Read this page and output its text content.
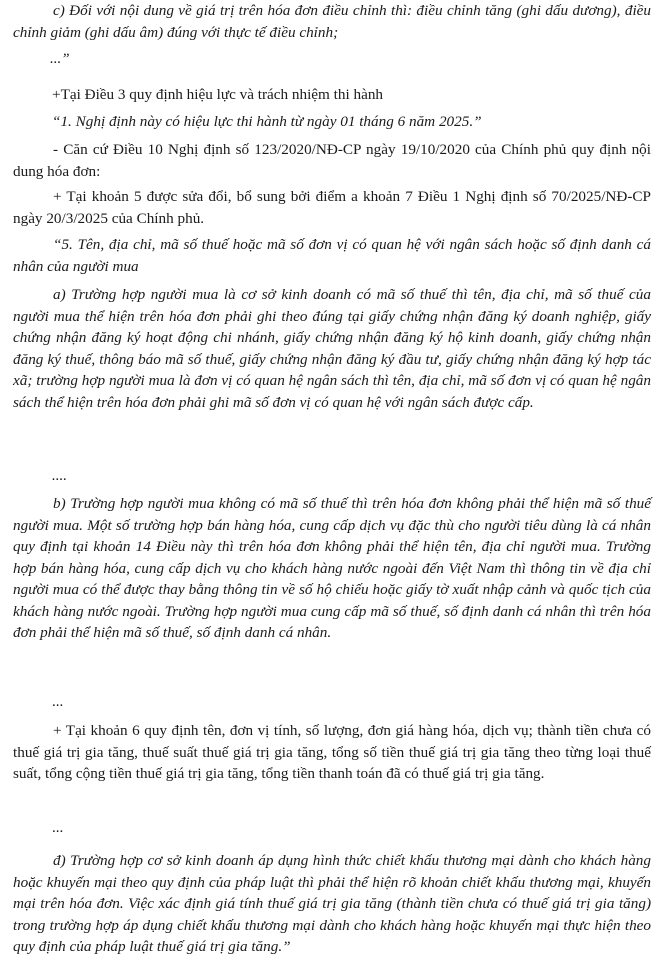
c) Đối với nội dung về giá trị trên hóa đơn điều chỉnh thì: điều chỉnh tăng (ghi dấu dương), điều chỉnh giảm (ghi dấu âm) đúng với thực tế điều chỉnh;

...”

+Tại Điều 3 quy định hiệu lực và trách nhiệm thi hành

“1. Nghị định này có hiệu lực thi hành từ ngày 01 tháng 6 năm 2025.”

- Căn cứ Điều 10 Nghị định số 123/2020/NĐ-CP ngày 19/10/2020 của Chính phủ quy định nội dung hóa đơn:

+ Tại khoản 5 được sửa đổi, bổ sung bởi điểm a khoản 7 Điều 1 Nghị định số 70/2025/NĐ-CP ngày 20/3/2025 của Chính phủ.

“5. Tên, địa chỉ, mã số thuế hoặc mã số đơn vị có quan hệ với ngân sách hoặc số định danh cá nhân của người mua

a) Trường hợp người mua là cơ sở kinh doanh có mã số thuế thì tên, địa chỉ, mã số thuế của người mua thể hiện trên hóa đơn phải ghi theo đúng tại giấy chứng nhận đăng ký doanh nghiệp, giấy chứng nhận đăng ký hoạt động chi nhánh, giấy chứng nhận đăng ký hộ kinh doanh, giấy chứng nhận đăng ký thuế, thông báo mã số thuế, giấy chứng nhận đăng ký đầu tư, giấy chứng nhận đăng ký hợp tác xã; trường hợp người mua là đơn vị có quan hệ ngân sách thì tên, địa chỉ, mã số đơn vị có quan hệ ngân sách thể hiện trên hóa đơn phải ghi mã số đơn vị có quan hệ với ngân sách được cấp.

....

b) Trường hợp người mua không có mã số thuế thì trên hóa đơn không phải thể hiện mã số thuế người mua. Một số trường hợp bán hàng hóa, cung cấp dịch vụ đặc thù cho người tiêu dùng là cá nhân quy định tại khoản 14 Điều này thì trên hóa đơn không phải thể hiện tên, địa chỉ người mua. Trường hợp bán hàng hóa, cung cấp dịch vụ cho khách hàng nước ngoài đến Việt Nam thì thông tin về địa chỉ người mua có thể được thay bằng thông tin về số hộ chiếu hoặc giấy tờ xuất nhập cảnh và quốc tịch của khách hàng nước ngoài. Trường hợp người mua cung cấp mã số thuế, số định danh cá nhân thì trên hóa đơn phải thể hiện mã số thuế, số định danh cá nhân.

...

+ Tại khoản 6 quy định tên, đơn vị tính, số lượng, đơn giá hàng hóa, dịch vụ; thành tiền chưa có thuế giá trị gia tăng, thuế suất thuế giá trị gia tăng, tổng số tiền thuế giá trị gia tăng theo từng loại thuế suất, tổng cộng tiền thuế giá trị gia tăng, tổng tiền thanh toán đã có thuế giá trị gia tăng.

...

đ) Trường hợp cơ sở kinh doanh áp dụng hình thức chiết khấu thương mại dành cho khách hàng hoặc khuyến mại theo quy định của pháp luật thì phải thể hiện rõ khoản chiết khấu thương mại, khuyến mại trên hóa đơn. Việc xác định giá tính thuế giá trị gia tăng (thành tiền chưa có thuế giá trị gia tăng) trong trường hợp áp dụng chiết khấu thương mại dành cho khách hàng hoặc khuyến mại thực hiện theo quy định của pháp luật thuế giá trị gia tăng.”
